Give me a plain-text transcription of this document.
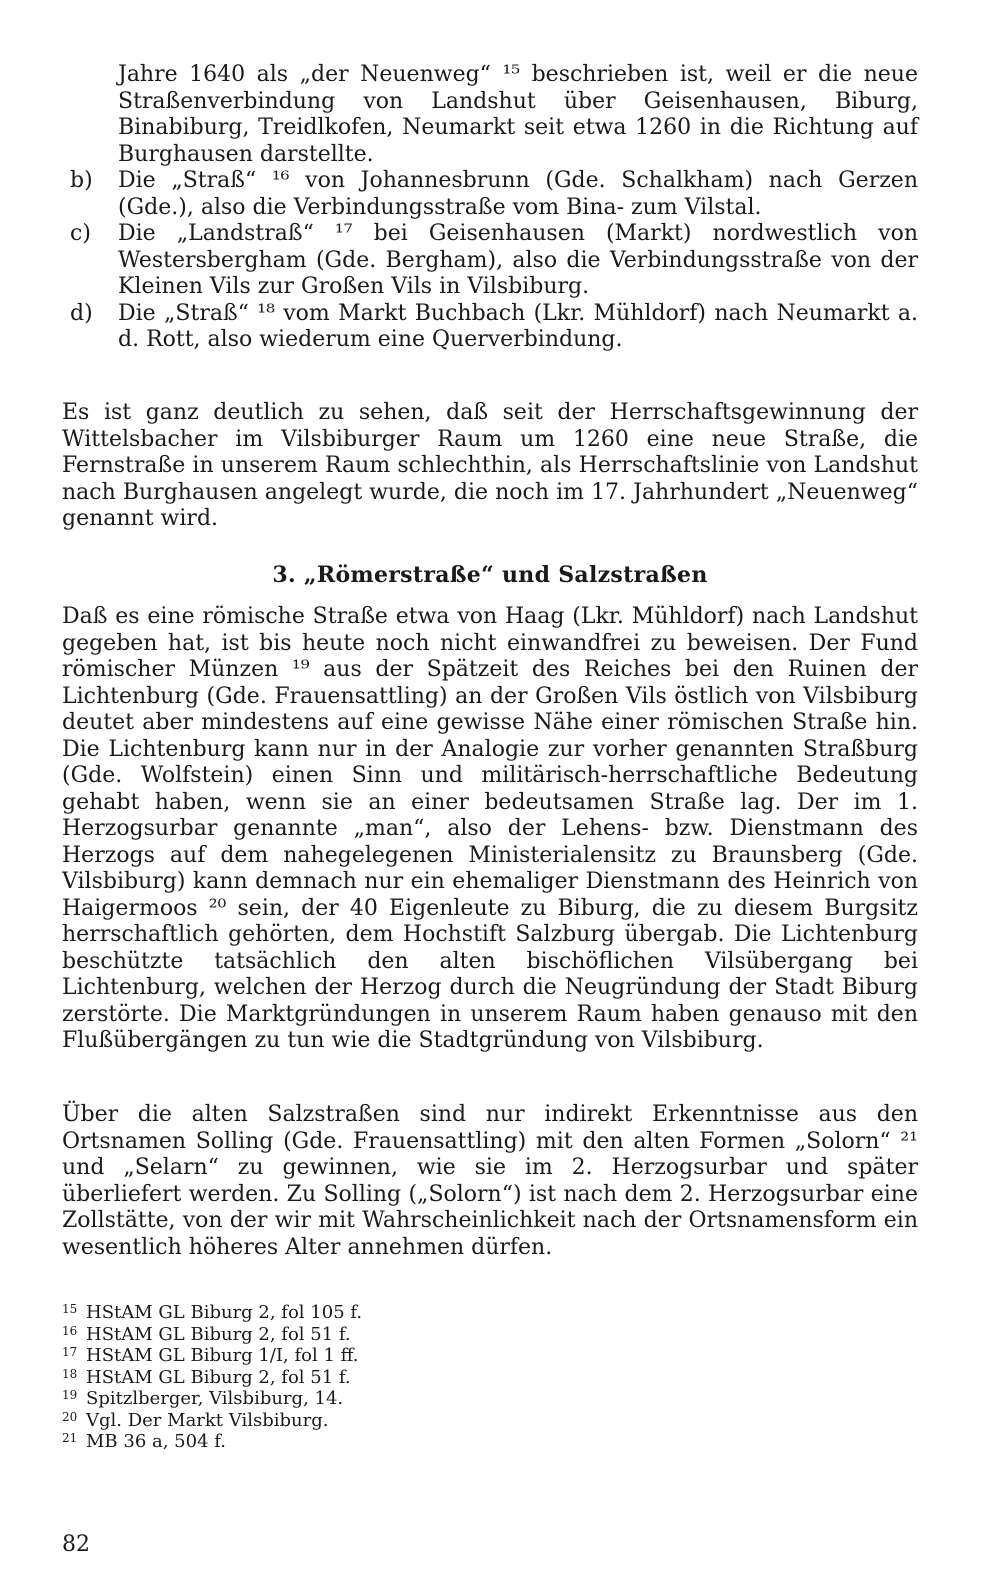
Jahre 1640 als „der Neuenweg“ ¹⁵ beschrieben ist, weil er die neue Straßenverbindung von Landshut über Geisenhausen, Biburg, Binabiburg, Treidlkofen, Neumarkt seit etwa 1260 in die Richtung auf Burghausen darstellte.
b) Die „Straß“ ¹⁶ von Johannesbrunn (Gde. Schalkham) nach Gerzen (Gde.), also die Verbindungsstraße vom Bina- zum Vilstal.
c) Die „Landstraß“ ¹⁷ bei Geisenhausen (Markt) nordwestlich von Westersbergham (Gde. Bergham), also die Verbindungsstraße von der Kleinen Vils zur Großen Vils in Vilsbiburg.
d) Die „Straß“ ¹⁸ vom Markt Buchbach (Lkr. Mühldorf) nach Neumarkt a. d. Rott, also wiederum eine Querverbindung.

Es ist ganz deutlich zu sehen, daß seit der Herrschaftsgewinnung der Wittelsbacher im Vilsbiburger Raum um 1260 eine neue Straße, die Fernstraße in unserem Raum schlechthin, als Herrschaftslinie von Landshut nach Burghausen angelegt wurde, die noch im 17. Jahrhundert „Neuenweg“ genannt wird.

3. „Römerstraße“ und Salzstraßen

Daß es eine römische Straße etwa von Haag (Lkr. Mühldorf) nach Landshut gegeben hat, ist bis heute noch nicht einwandfrei zu beweisen. Der Fund römischer Münzen ¹⁹ aus der Spätzeit des Reiches bei den Ruinen der Lichtenburg (Gde. Frauensattling) an der Großen Vils östlich von Vilsbiburg deutet aber mindestens auf eine gewisse Nähe einer römischen Straße hin. Die Lichtenburg kann nur in der Analogie zur vorher genannten Straßburg (Gde. Wolfstein) einen Sinn und militärisch-herrschaftliche Bedeutung gehabt haben, wenn sie an einer bedeutsamen Straße lag. Der im 1. Herzogsurbar genannte „man“, also der Lehens- bzw. Dienstmann des Herzogs auf dem nahegelegenen Ministerialensitz zu Braunsberg (Gde. Vilsbiburg) kann demnach nur ein ehemaliger Dienstmann des Heinrich von Haigermoos ²⁰ sein, der 40 Eigenleute zu Biburg, die zu diesem Burgsitz herrschaftlich gehörten, dem Hochstift Salzburg übergab. Die Lichtenburg beschützte tatsächlich den alten bischöflichen Vilsübergang bei Lichtenburg, welchen der Herzog durch die Neugründung der Stadt Biburg zerstörte. Die Marktgründungen in unserem Raum haben genauso mit den Flußübergängen zu tun wie die Stadtgründung von Vilsbiburg.

Über die alten Salzstraßen sind nur indirekt Erkenntnisse aus den Ortsnamen Solling (Gde. Frauensattling) mit den alten Formen „Solorn“ ²¹ und „Selarn“ zu gewinnen, wie sie im 2. Herzogsurbar und später überliefert werden. Zu Solling („Solorn“) ist nach dem 2. Herzogsurbar eine Zollstätte, von der wir mit Wahrscheinlichkeit nach der Ortsnamensform ein wesentlich höheres Alter annehmen dürfen.

15 HStAM GL Biburg 2, fol 105 f.
16 HStAM GL Biburg 2, fol 51 f.
17 HStAM GL Biburg 1/I, fol 1 ff.
18 HStAM GL Biburg 2, fol 51 f.
19 Spitzlberger, Vilsbiburg, 14.
20 Vgl. Der Markt Vilsbiburg.
21 MB 36 a, 504 f.
82
